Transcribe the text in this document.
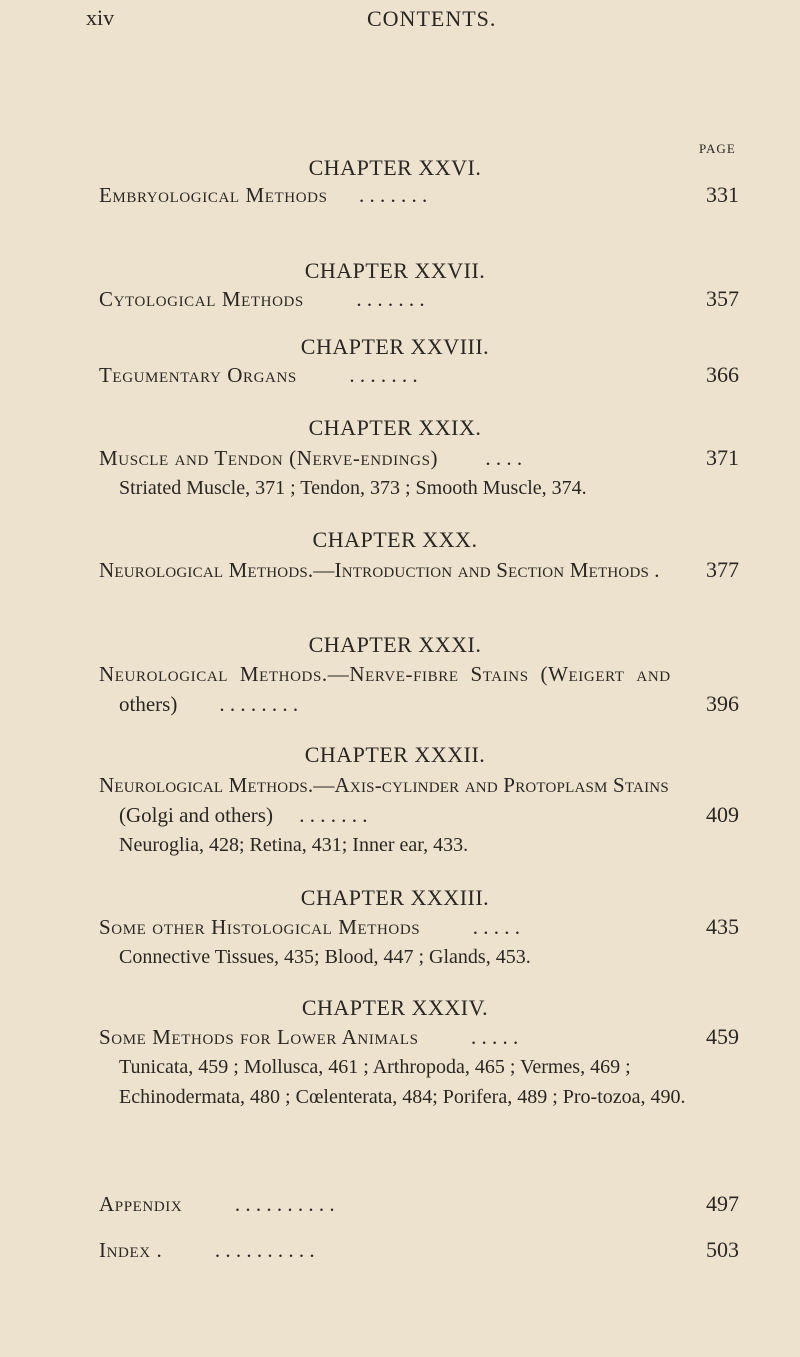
xiv	CONTENTS.
PAGE
CHAPTER XXVI.
Embryological Methods . . . . . . .	331
CHAPTER XXVII.
Cytological Methods	. . . . . . .	357
CHAPTER XXVIII.
Tegumentary Organs	. . . . . . .	366
CHAPTER XXIX.
Muscle and Tendon (Nerve-endings) . . . .	371
Striated Muscle, 371 ; Tendon, 373 ; Smooth Muscle, 374.
CHAPTER XXX.
Neurological Methods.—Introduction and Section Methods . 377
CHAPTER XXXI.
Neurological Methods.—Nerve-fibre Stains (Weigert and
others) . . . . . . . .	396
CHAPTER XXXII.
Neurological Methods.—Axis-cylinder and Protoplasm Stains
(Golgi and others) . . . . . . .	409
Neuroglia, 428; Retina, 431; Inner ear, 433.
CHAPTER XXXIII.
Some other Histological Methods	. . . . .	435
Connective Tissues, 435; Blood, 447 ; Glands, 453.
CHAPTER XXXIV.
Some Methods for Lower Animals	. . . . .	459
Tunicata, 459 ; Mollusca, 461 ; Arthropoda, 465 ; Vermes, 469 ; Echinodermata, 480 ; Cœlenterata, 484; Porifera, 489 ; Pro-tozoa, 490.
Appendix	. . . . . . . . . .	497
Index .	. . . . . . . . . .	503
